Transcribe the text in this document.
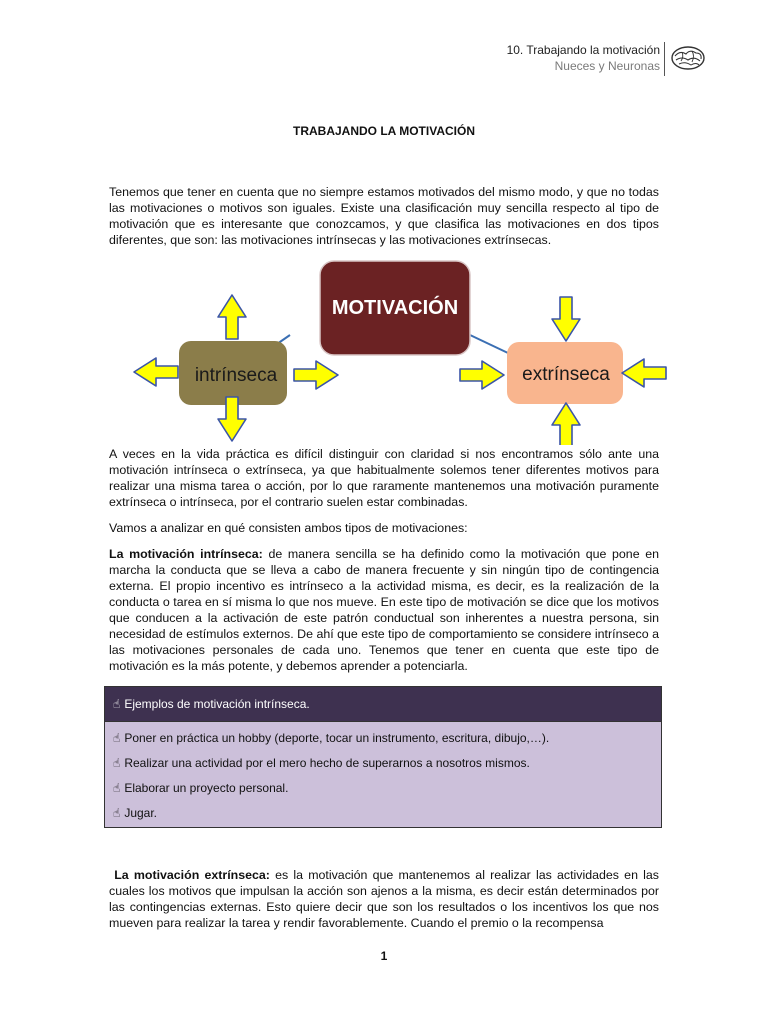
10. Trabajando la motivación
Nueces y Neuronas
TRABAJANDO LA MOTIVACIÓN

Tenemos que tener en cuenta que no siempre estamos motivados del mismo modo, y que no todas las motivaciones o motivos son iguales. Existe una clasificación muy sencilla respecto al tipo de motivación que es interesante que conozcamos, y que clasifica las motivaciones en dos tipos diferentes, que son: las motivaciones intrínsecas y las motivaciones extrínsecas.

MOTIVACIÓN
intrínseca	extrínseca

A veces en la vida práctica es difícil distinguir con claridad si nos encontramos sólo ante una motivación intrínseca o extrínseca, ya que habitualmente solemos tener diferentes motivos para realizar una misma tarea o acción, por lo que raramente mantenemos una motivación puramente extrínseca o intrínseca, por el contrario suelen estar combinadas.

Vamos a analizar en qué consisten ambos tipos de motivaciones:

La motivación intrínseca: de manera sencilla se ha definido como la motivación que pone en marcha la conducta que se lleva a cabo de manera frecuente y sin ningún tipo de contingencia externa. El propio incentivo es intrínseco a la actividad misma, es decir, es la realización de la conducta o tarea en sí misma lo que nos mueve. En este tipo de motivación se dice que los motivos que conducen a la activación de este patrón conductual son inherentes a nuestra persona, sin necesidad de estímulos externos. De ahí que este tipo de comportamiento se considere intrínseco a las motivaciones personales de cada uno. Tenemos que tener en cuenta que este tipo de motivación es la más potente, y debemos aprender a potenciarla.

☝ Ejemplos de motivación intrínseca.
☝ Poner en práctica un hobby (deporte, tocar un instrumento, escritura, dibujo,…).
☝ Realizar una actividad por el mero hecho de superarnos a nosotros mismos.
☝ Elaborar un proyecto personal.
☝ Jugar.

La motivación extrínseca: es la motivación que mantenemos al realizar las actividades en las cuales los motivos que impulsan la acción son ajenos a la misma, es decir están determinados por las contingencias externas. Esto quiere decir que son los resultados o los incentivos los que nos mueven para realizar la tarea y rendir favorablemente. Cuando el premio o la recompensa

1
